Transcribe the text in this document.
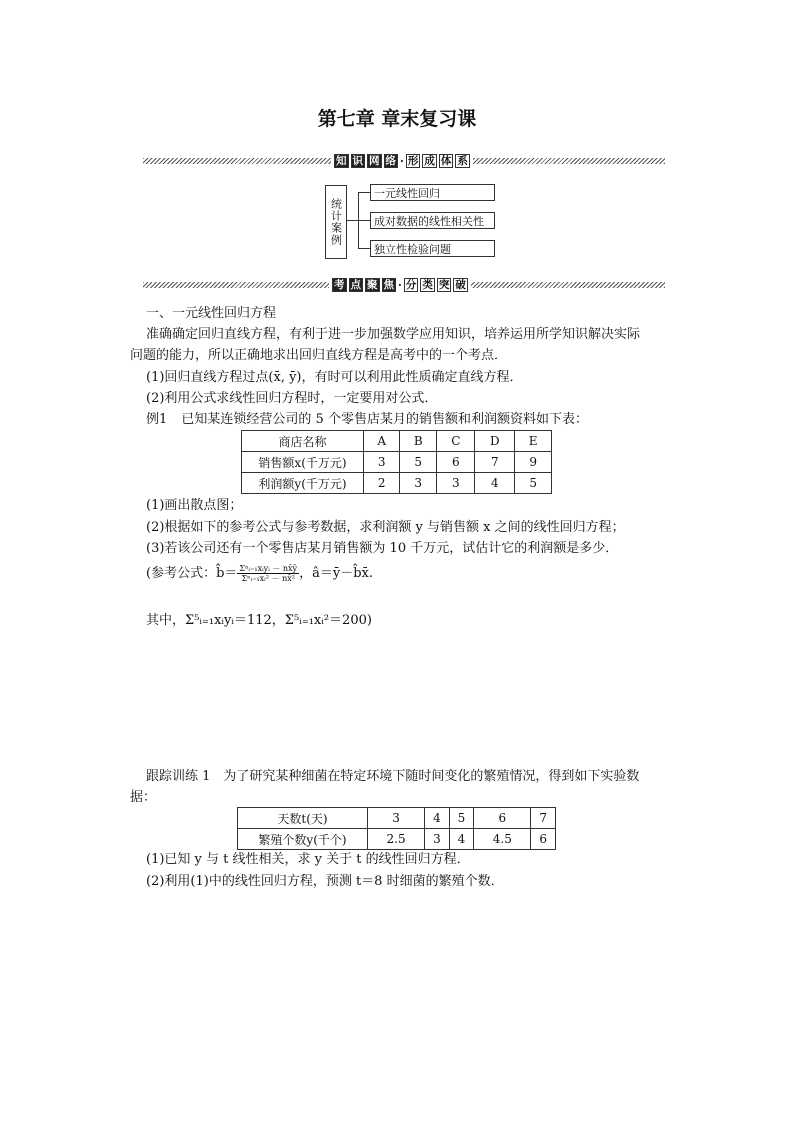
第七章 章末复习课
知 识 网 络 · 形 成 体 系
统计案例
一元线性回归
成对数据的线性相关性
独立性检验问题
考 点 聚 焦 · 分 类 突 破
一、一元线性回归方程
准确确定回归直线方程，有利于进一步加强数学应用知识，培养运用所学知识解决实际
问题的能力，所以正确地求出回归直线方程是高考中的一个考点．
(1)回归直线方程过点(x̄, ȳ)，有时可以利用此性质确定直线方程．
(2)利用公式求线性回归方程时，一定要用对公式．
例1 已知某连锁经营公司的 5 个零售店某月的销售额和利润额资料如下表：
商店名称	A	B	C	D	E
销售额x(千万元)	3	5	6	7	9
利润额y(千万元)	2	3	3	4	5
(1)画出散点图；
(2)根据如下的参考公式与参考数据，求利润额 y 与销售额 x 之间的线性回归方程；
(3)若该公司还有一个零售店某月销售额为 10 千万元，试估计它的利润额是多少．
(参考公式：b̂＝ $\frac{\text{Σⁿᵢ₌₁xᵢyᵢ － nx̄ȳ}}{\text{Σⁿᵢ₌₁xᵢ² － nx̄²}}$ ，â＝ȳ－b̂x̄.
其中，Σ⁵ᵢ₌₁xᵢyᵢ＝112，Σ⁵ᵢ₌₁xᵢ²＝200)
跟踪训练 1　为了研究某种细菌在特定环境下随时间变化的繁殖情况，得到如下实验数
据：
天数t(天)	3	4	5	6	7
繁殖个数y(千个)	2.5	3	4	4.5	6
(1)已知 y 与 t 线性相关，求 y 关于 t 的线性回归方程．
(2)利用(1)中的线性回归方程，预测 t＝8 时细菌的繁殖个数．
